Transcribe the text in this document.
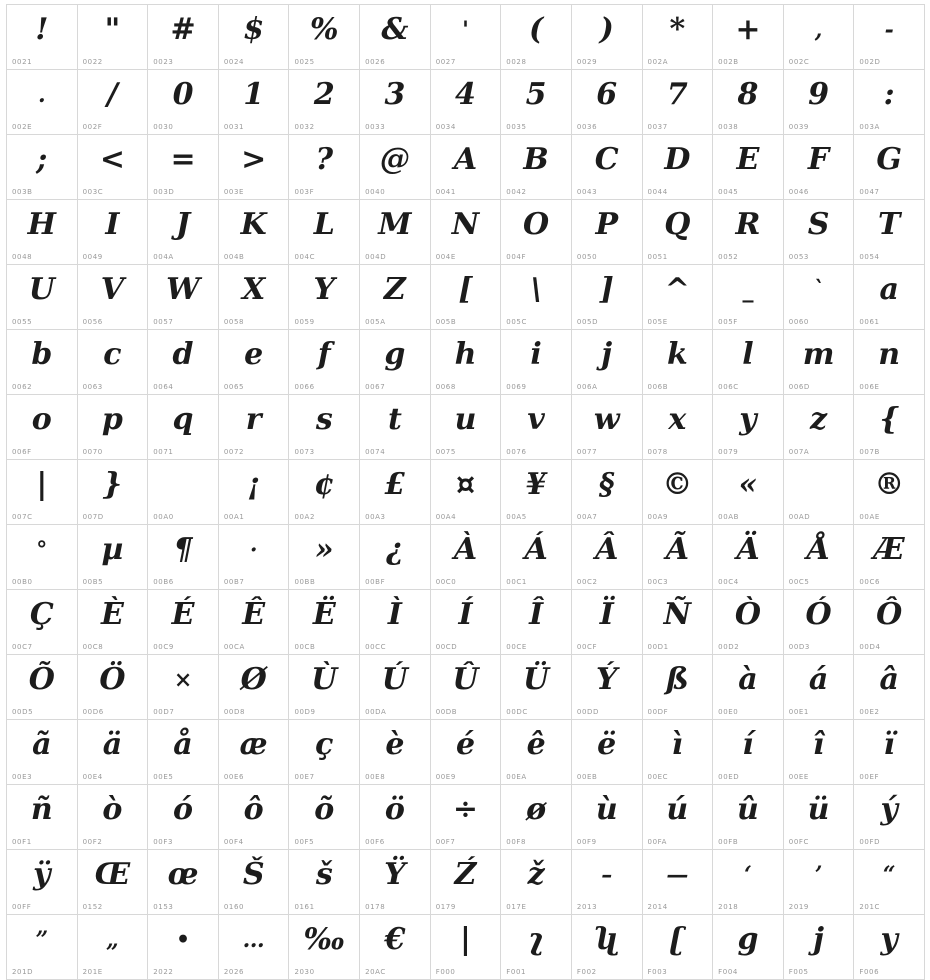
!
0021
"
0022
#
0023
$
0024
%
0025
&
0026
'
0027
(
0028
)
0029
*
002A
+
002B
,
002C
-
002D
.
002E
/
002F
0
0030
1
0031
2
0032
3
0033
4
0034
5
0035
6
0036
7
0037
8
0038
9
0039
:
003A
;
003B
<
003C
=
003D
>
003E
?
003F
@
0040
A
0041
B
0042
C
0043
D
0044
E
0045
F
0046
G
0047
H
0048
I
0049
J
004A
K
004B
L
004C
M
004D
N
004E
O
004F
P
0050
Q
0051
R
0052
S
0053
T
0054
U
0055
V
0056
W
0057
X
0058
Y
0059
Z
005A
[
005B
\
005C
]
005D
^
005E
_
005F
`
0060
a
0061
b
0062
c
0063
d
0064
e
0065
f
0066
g
0067
h
0068
i
0069
j
006A
k
006B
l
006C
m
006D
n
006E
o
006F
p
0070
q
0071
r
0072
s
0073
t
0074
u
0075
v
0076
w
0077
x
0078
y
0079
z
007A
{
007B
|
007C
}
007D	00A0
¡
00A1
¢
00A2
£
00A3
¤
00A4
¥
00A5
§
00A7
©
00A9
«
00AB	00AD
®
00AE
°
00B0
µ
00B5
¶
00B6
·
00B7
»
00BB
¿
00BF
À
00C0
Á
00C1
Â
00C2
Ã
00C3
Ä
00C4
Å
00C5
Æ
00C6
Ç
00C7
È
00C8
É
00C9
Ê
00CA
Ë
00CB
Ì
00CC
Í
00CD
Î
00CE
Ï
00CF
Ñ
00D1
Ò
00D2
Ó
00D3
Ô
00D4
Õ
00D5
Ö
00D6
×
00D7
Ø
00D8
Ù
00D9
Ú
00DA
Û
00DB
Ü
00DC
Ý
00DD
ß
00DF
à
00E0
á
00E1
â
00E2
ã
00E3
ä
00E4
å
00E5
æ
00E6
ç
00E7
è
00E8
é
00E9
ê
00EA
ë
00EB
ì
00EC
í
00ED
î
00EE
ï
00EF
ñ
00F1
ò
00F2
ó
00F3
ô
00F4
õ
00F5
ö
00F6
÷
00F7
ø
00F8
ù
00F9
ú
00FA
û
00FB
ü
00FC
ý
00FD
ÿ
00FF
Œ
0152
œ
0153
Š
0160
š
0161
Ÿ
0178
Ź
0179
ž
017E
–
2013
—
2014
‘
2018
’
2019
“
201C
”
201D
„
201E
•
2022
…
2026
‰
2030
€
20AC
|
F000
ʅ
F001
ʯ
F002
ʗ
F003
g
F004
j
F005
y
F006
